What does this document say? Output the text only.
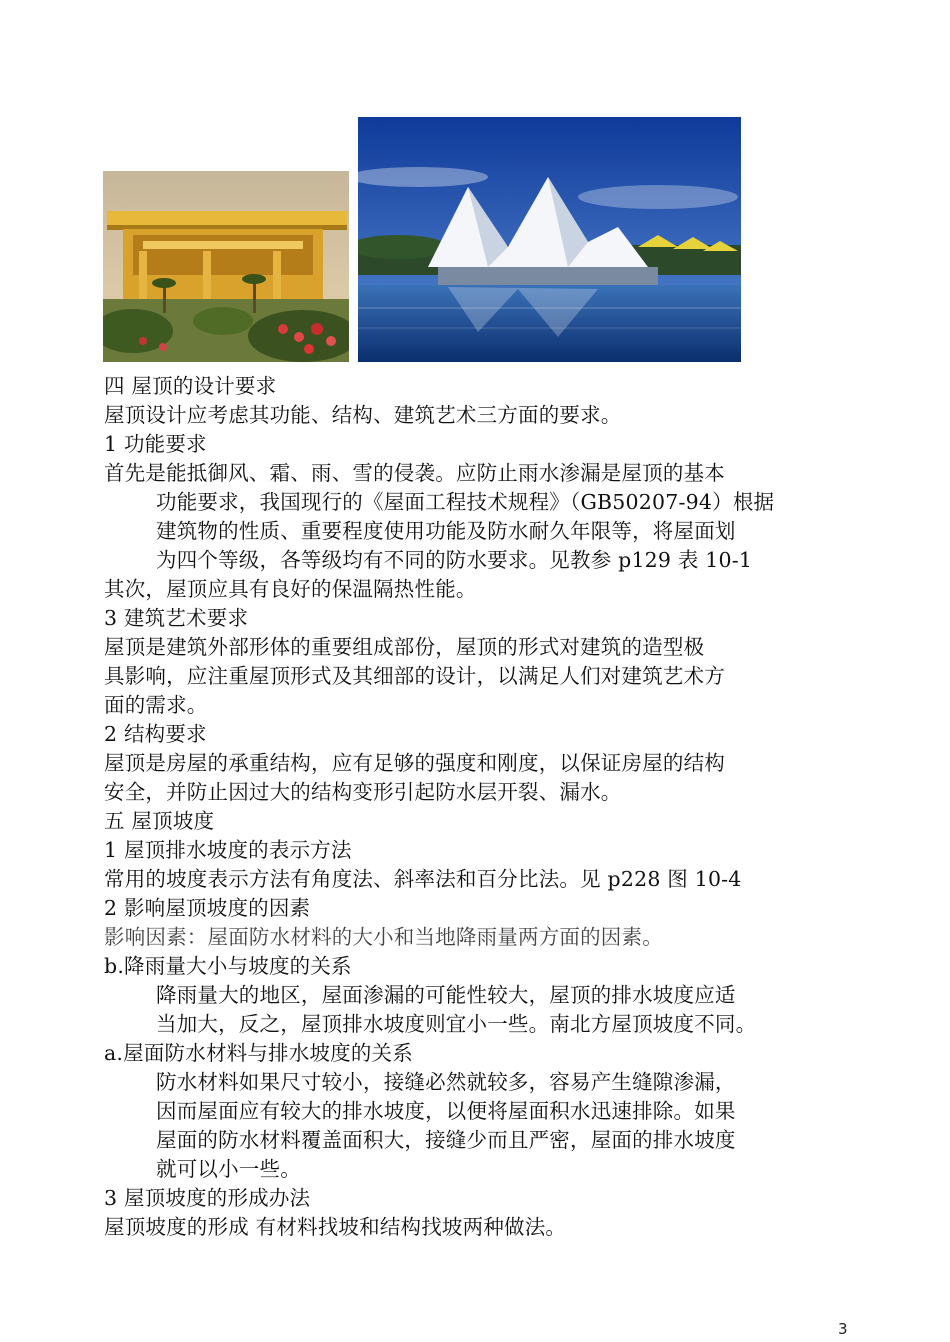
四 屋顶的设计要求
屋顶设计应考虑其功能、结构、建筑艺术三方面的要求。
1 功能要求
首先是能抵御风、霜、雨、雪的侵袭。应防止雨水渗漏是屋顶的基本
功能要求，我国现行的《屋面工程技术规程》（GB50207-94）根据
建筑物的性质、重要程度使用功能及防水耐久年限等，将屋面划
为四个等级，各等级均有不同的防水要求。见教参 p129 表 10-1
其次，屋顶应具有良好的保温隔热性能。
3 建筑艺术要求
屋顶是建筑外部形体的重要组成部份，屋顶的形式对建筑的造型极
具影响，应注重屋顶形式及其细部的设计，以满足人们对建筑艺术方
面的需求。
2 结构要求
屋顶是房屋的承重结构，应有足够的强度和刚度，以保证房屋的结构
安全，并防止因过大的结构变形引起防水层开裂、漏水。
五 屋顶坡度
1 屋顶排水坡度的表示方法
常用的坡度表示方法有角度法、斜率法和百分比法。见 p228 图 10-4
2 影响屋顶坡度的因素
影响因素：屋面防水材料的大小和当地降雨量两方面的因素。
b.降雨量大小与坡度的关系
降雨量大的地区，屋面渗漏的可能性较大，屋顶的排水坡度应适
当加大，反之，屋顶排水坡度则宜小一些。南北方屋顶坡度不同。
a.屋面防水材料与排水坡度的关系
防水材料如果尺寸较小，接缝必然就较多，容易产生缝隙渗漏，
因而屋面应有较大的排水坡度，以便将屋面积水迅速排除。如果
屋面的防水材料覆盖面积大，接缝少而且严密，屋面的排水坡度
就可以小一些。
3 屋顶坡度的形成办法
屋顶坡度的形成 有材料找坡和结构找坡两种做法。
3
